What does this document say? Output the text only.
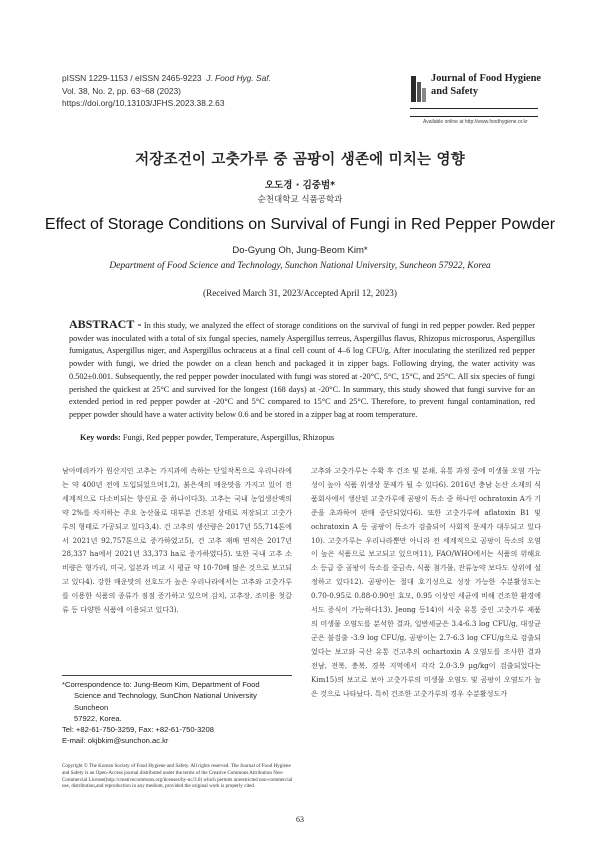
pISSN 1229-1153 / eISSN 2465-9223 J. Food Hyg. Saf.
Vol. 38, No. 2, pp. 63~68 (2023)
https://doi.org/10.13103/JFHS.2023.38.2.63
Journal of Food Hygiene and Safety
Available online at http://www.foodhygiene.or.kr
저장조건이 고춧가루 중 곰팡이 생존에 미치는 영향
오도경 · 김중범*
순천대학교 식품공학과
Effect of Storage Conditions on Survival of Fungi in Red Pepper Powder
Do-Gyung Oh, Jung-Beom Kim*
Department of Food Science and Technology, Sunchon National University, Suncheon 57922, Korea
(Received March 31, 2023/Accepted April 12, 2023)
ABSTRACT - In this study, we analyzed the effect of storage conditions on the survival of fungi in red pepper powder. Red pepper powder was inoculated with a total of six fungal species, namely Aspergillus terreus, Aspergillus flavus, Rhizopus microsporus, Aspergillus fumigatus, Aspergillus niger, and Aspergillus ochraceus at a final cell count of 4–6 log CFU/g. After inoculating the sterilized red pepper powder with fungi, we dried the powder on a clean bench and packaged it in zipper bags. Following drying, the water activity was 0.502±0.001. Subsequently, the red pepper powder inoculated with fungi was stored at -20°C, 5°C, 15°C, and 25°C. All six species of fungi perished the quickest at 25°C and survived for the longest (168 days) at -20°C. In summary, this study showed that fungi survive for an extended period in red pepper powder at -20°C and 5°C compared to 15°C and 25°C. Therefore, to prevent fungal contamination, red pepper powder should have a water activity below 0.6 and be stored in a zipper bag at room temperature.
Key words: Fungi, Red pepper powder, Temperature, Aspergillus, Rhizopus
남아메리카가 원산지인 고추는 가지과에 속하는 단일작목으로 우리나라에는 약 400년 전에 도입되었으며1,2), 붉은색의 매운맛을 가지고 있어 전 세계적으로 다소비되는 향신료 중 하나이다3). 고추는 국내 농업생산액의 약 2%를 차지하는 주요 농산물로 대부분 건조된 상태로 저장되고 고춧가루의 형태로 가공되고 있다3,4). 건 고추의 생산량은 2017년 55,714톤에서 2021년 92,757톤으로 증가하였고5), 건 고추 재배 면적은 2017년 28,337 ha에서 2021년 33,373 ha로 증가하였다5). 또한 국내 고추 소비량은 형가리, 미국, 일본과 비교 시 평균 약 10-70배 많은 것으로 보고되고 있다4). 강한 매운맛의 선호도가 높은 우리나라에서는 고추와 고춧가루를 이용한 식품의 종류가 점점 증가하고 있으며 김치, 고추장, 조미용 첫갈류 등 다양한 식품에 이용되고 있다3).
고추와 고춧가루는 수확 후 건조 및 분쇄, 유통 과정 중에 미생물 오염 가능성이 높아 식품 위생상 문제가 될 수 있다6). 2016년 충남 논산 소재의 식품회사에서 생산된 고춧가루에 곰팡이 독소 중 하나인 ochratoxin A가 기준을 초과하여 판매 중단되었다6). 또한 고춧가루에 aflatoxin B1 및 ochratoxin A 등 곰팡이 독소가 검출되어 사회적 문제가 대두되고 있다10). 고춧가루는 우리나라뿐만 아니라 전 세계적으로 곰팡이 독소의 오염이 높은 식품으로 보고되고 있으며11), FAO/WHO에서는 식품의 위해요소 등급 중 곰팡이 독소를 중금속, 식품 첨가물, 잔류농약 보다도 상위에 설정하고 있다12). 곰팡이는 절대 호기성으로 성장 가능한 수분활성도는 0.70-0.95로 0.88-0.90인 효모, 0.95 이상인 세균에 비해 건조한 환경에서도 증식이 가능하다13). Jeong 등14)이 시중 유통 중인 고춧가루 제품의 미생물 오염도를 분석한 결과, 일반세균은 3.4-6.3 log CFU/g, 대장균군은 불검출 -3.9 log CFU/g, 곰팡이는 2.7-6.3 log CFU/g으로 검출되었다는 보고와 국산 유통 건고추의 ochartoxin A 오염도를 조사한 결과 전남, 전북, 충북, 경북 지역에서 각각 2.0-3.9 µg/kg이 검출되었다는 Kim15)의 보고로 보아 고춧가루의 미생물 오염도 및 곰팡이 오염도가 높은 것으로 나타났다. 특히 건조한 고춧가루의 경우 수분활성도가
*Correspondence to: Jung-Beom Kim, Department of Food
Science and Technology, SunChon National University Suncheon
57922, Korea.
Tel: +82-61-750-3259, Fax: +82-61-750-3208
E-mail: okjbkim@sunchon.ac.kr
Copyright © The Korean Society of Food Hygiene and Safety. All rights reserved. The Journal of Food Hygiene and Safety is an Open-Access journal distributed under the terms of the Creative Commons Attribution Non-Commercial License(http://creativecommons.org/licenses/by-nc/3.0) which permits unrestricted non-commercial use, distribution,and reproduction in any medium, provided the original work is properly cited.
63
